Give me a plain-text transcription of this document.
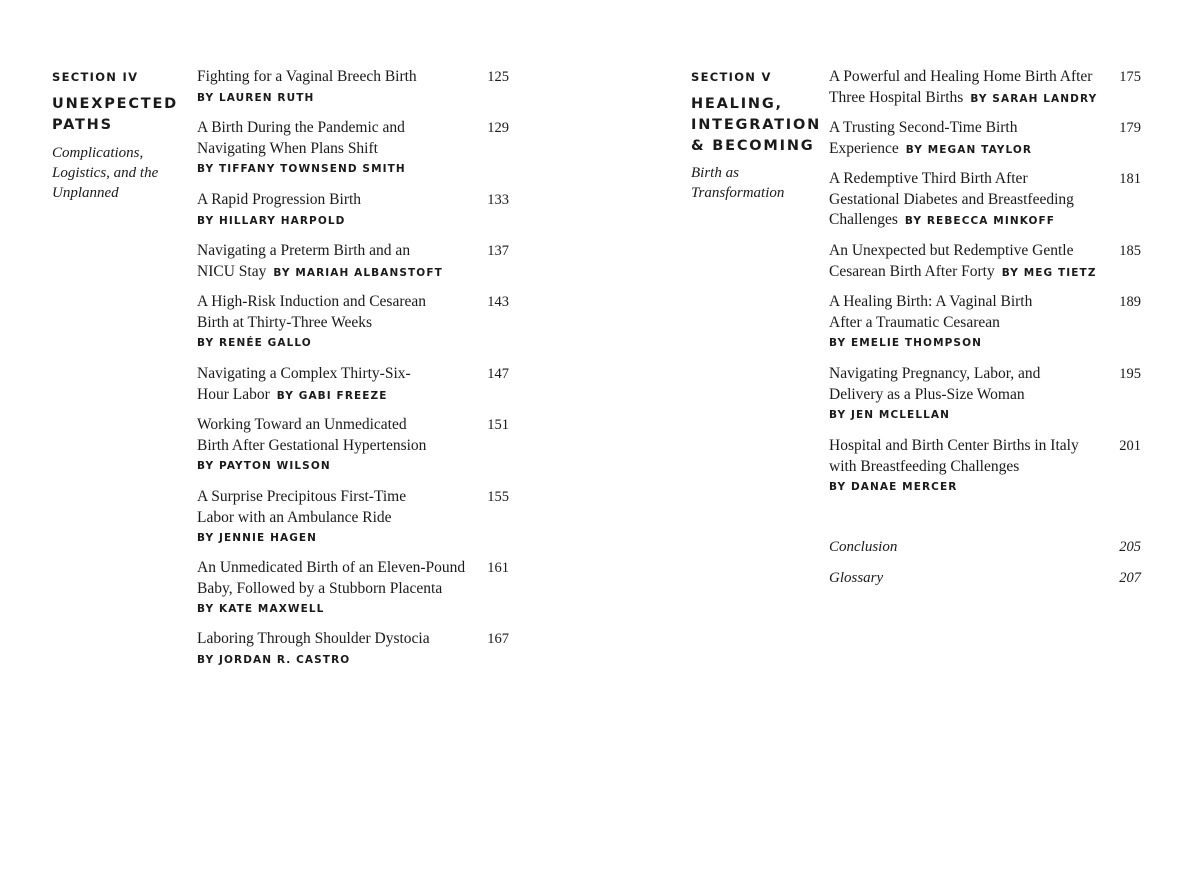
SECTION IV
UNEXPECTED
PATHS
Complications,
Logistics, and the
Unplanned
Fighting for a Vaginal Breech Birth
BY LAUREN RUTH
125
A Birth During the Pandemic and
Navigating When Plans Shift
BY TIFFANY TOWNSEND SMITH
129
A Rapid Progression Birth
BY HILLARY HARPOLD
133
Navigating a Preterm Birth and an
NICU Stay BY MARIAH ALBANSTOFT
137
A High-Risk Induction and Cesarean
Birth at Thirty-Three Weeks
BY RENÉE GALLO
143
Navigating a Complex Thirty-Six-
Hour Labor BY GABI FREEZE
147
Working Toward an Unmedicated
Birth After Gestational Hypertension
BY PAYTON WILSON
151
A Surprise Precipitous First-Time
Labor with an Ambulance Ride
BY JENNIE HAGEN
155
An Unmedicated Birth of an Eleven-Pound
Baby, Followed by a Stubborn Placenta
BY KATE MAXWELL
161
Laboring Through Shoulder Dystocia
BY JORDAN R. CASTRO
167
SECTION V
HEALING,
INTEGRATION
& BECOMING
Birth as
Transformation
A Powerful and Healing Home Birth After
Three Hospital Births BY SARAH LANDRY
175
A Trusting Second-Time Birth
Experience BY MEGAN TAYLOR
179
A Redemptive Third Birth After
Gestational Diabetes and Breastfeeding
Challenges BY REBECCA MINKOFF
181
An Unexpected but Redemptive Gentle
Cesarean Birth After Forty BY MEG TIETZ
185
A Healing Birth: A Vaginal Birth
After a Traumatic Cesarean
BY EMELIE THOMPSON
189
Navigating Pregnancy, Labor, and
Delivery as a Plus-Size Woman
BY JEN MCLELLAN
195
Hospital and Birth Center Births in Italy
with Breastfeeding Challenges
BY DANAE MERCER
201
Conclusion	205
Glossary	207
